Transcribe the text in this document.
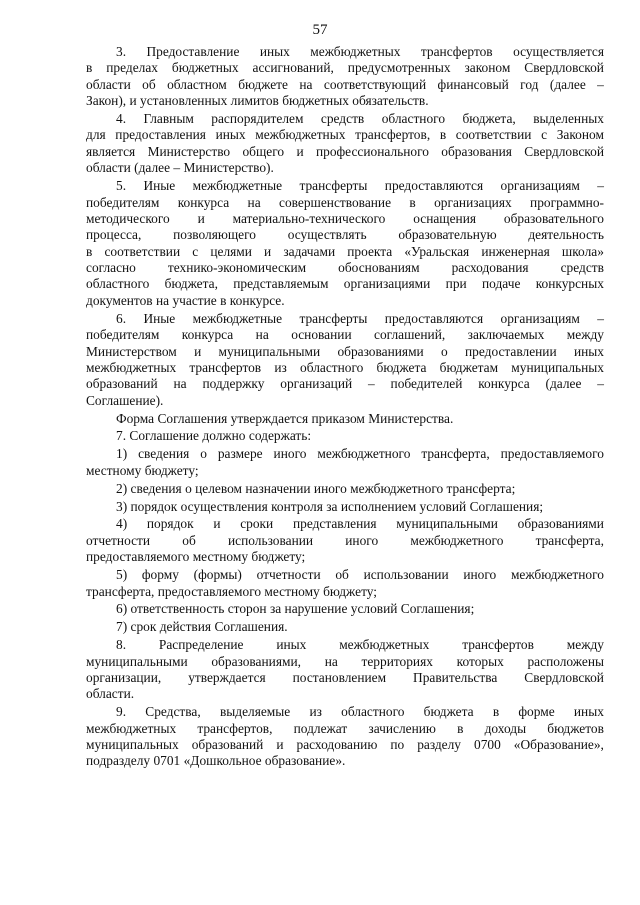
57
3. Предоставление иных межбюджетных трансфертов осуществляется
в пределах бюджетных ассигнований, предусмотренных законом Свердловской
области об областном бюджете на соответствующий финансовый год (далее –
Закон),
и
установленных
лимитов
бюджетных
обязательств.
4. Главным распорядителем средств областного бюджета, выделенных
для предоставления иных межбюджетных трансфертов, в соответствии с Законом
является Министерство общего и профессионального образования Свердловской
области
(далее
–
Министерство).
5. Иные межбюджетные трансферты предоставляются организациям –
победителям конкурса на совершенствование в организациях программно-
методического и материально-технического оснащения образовательного
процесса, позволяющего осуществлять образовательную деятельность
в соответствии с целями и задачами проекта «Уральская инженерная школа»
согласно технико-экономическим обоснованиям расходования средств
областного бюджета, представляемым организациями при подаче конкурсных
документов
на
участие
в
конкурсе.
6. Иные межбюджетные трансферты предоставляются организациям –
победителям конкурса на основании соглашений, заключаемых между
Министерством и муниципальными образованиями о предоставлении иных
межбюджетных трансфертов из областного бюджета бюджетам муниципальных
образований на поддержку организаций – победителей конкурса (далее –
Соглашение).
Форма
Соглашения
утверждается
приказом
Министерства.
7.
Соглашение
должно
содержать:
1) сведения о размере иного межбюджетного трансферта, предоставляемого
местному
бюджету;
2)
сведения
о
целевом
назначении
иного
межбюджетного
трансферта;
3)
порядок
осуществления
контроля
за
исполнением
условий
Соглашения;
4) порядок и сроки представления муниципальными образованиями
отчетности об использовании иного межбюджетного трансферта,
предоставляемого
местному
бюджету;
5) форму (формы) отчетности об использовании иного межбюджетного
трансферта,
предоставляемого
местному
бюджету;
6)
ответственность
сторон
за
нарушение
условий
Соглашения;
7)
срок
действия
Соглашения.
8. Распределение иных межбюджетных трансфертов между
муниципальными образованиями, на территориях которых расположены
организации, утверждается постановлением Правительства Свердловской
области.
9. Средства, выделяемые из областного бюджета в форме иных
межбюджетных трансфертов, подлежат зачислению в доходы бюджетов
муниципальных образований и расходованию по разделу 0700 «Образование»,
подразделу
0701
«Дошкольное
образование».
